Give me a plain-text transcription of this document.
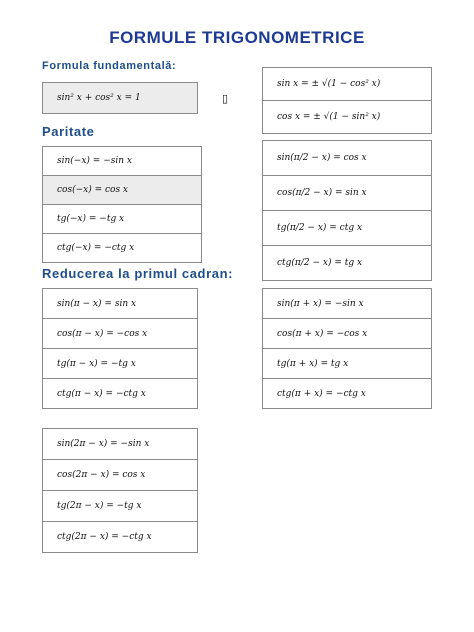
FORMULE TRIGONOMETRICE
Formula fundamentală:
sin² x + cos² x = 1	▯
sin x = ± √(1 − cos² x)
cos x = ± √(1 − sin² x)
Paritate
sin(−x) = −sin x
cos(−x) = cos x
tg(−x) = −tg x
ctg(−x) = −ctg x
sin(π/2 − x) = cos x
cos(π/2 − x) = sin x
tg(π/2 − x) = ctg x
ctg(π/2 − x) = tg x
Reducerea la primul cadran:
sin(π − x) = sin x
cos(π − x) = −cos x
tg(π − x) = −tg x
ctg(π − x) = −ctg x
sin(π + x) = −sin x
cos(π + x) = −cos x
tg(π + x) = tg x
ctg(π + x) = −ctg x
sin(2π − x) = −sin x
cos(2π − x) = cos x
tg(2π − x) = −tg x
ctg(2π − x) = −ctg x
